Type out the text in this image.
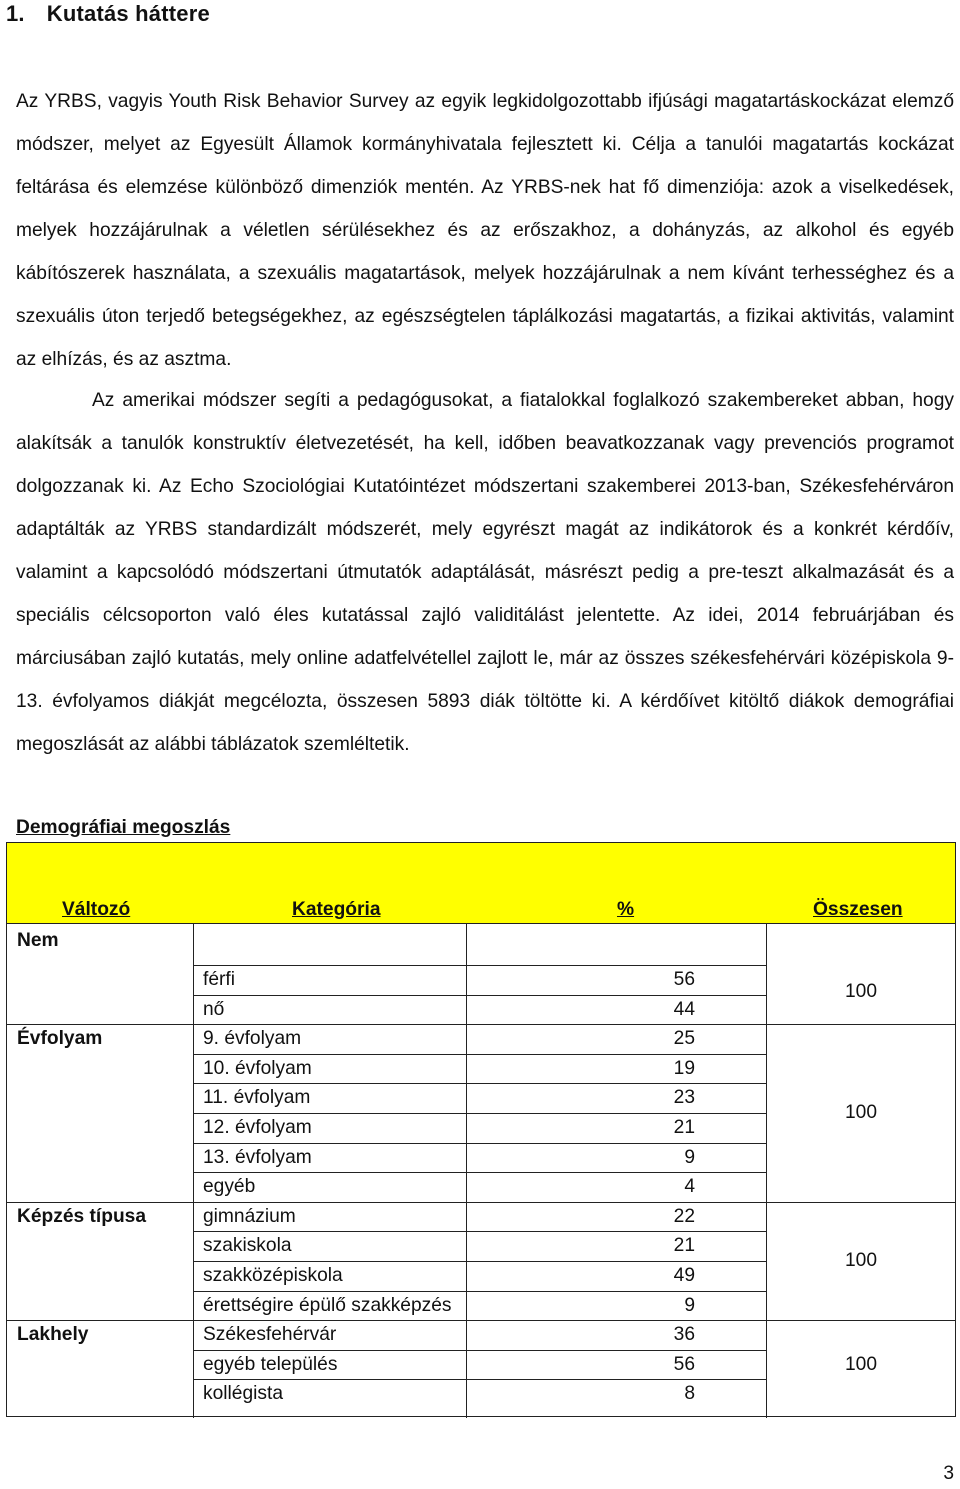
1. Kutatás háttere

Az YRBS, vagyis Youth Risk Behavior Survey az egyik legkidolgozottabb ifjúsági magatartáskockázat elemző módszer, melyet az Egyesült Államok kormányhivatala fejlesztett ki. Célja a tanulói magatartás kockázat feltárása és elemzése különböző dimenziók mentén. Az YRBS-nek hat fő dimenziója: azok a viselkedések, melyek hozzájárulnak a véletlen sérülésekhez és az erőszakhoz, a dohányzás, az alkohol és egyéb kábítószerek használata, a szexuális magatartások, melyek hozzájárulnak a nem kívánt terhességhez és a szexuális úton terjedő betegségekhez, az egészségtelen táplálkozási magatartás, a fizikai aktivitás, valamint az elhízás, és az asztma.

Az amerikai módszer segíti a pedagógusokat, a fiatalokkal foglalkozó szakembereket abban, hogy alakítsák a tanulók konstruktív életvezetését, ha kell, időben beavatkozzanak vagy prevenciós programot dolgozzanak ki. Az Echo Szociológiai Kutatóintézet módszertani szakemberei 2013-ban, Székesfehérváron adaptálták az YRBS standardizált módszerét, mely egyrészt magát az indikátorok és a konkrét kérdőív, valamint a kapcsolódó módszertani útmutatók adaptálását, másrészt pedig a pre-teszt alkalmazását és a speciális célcsoporton való éles kutatással zajló validitálást jelentette. Az idei, 2014 februárjában és márciusában zajló kutatás, mely online adatfelvétellel zajlott le, már az összes székesfehérvári középiskola 9-13. évfolyamos diákját megcélozta, összesen 5893 diák töltötte ki. A kérdőívet kitöltő diákok demográfiai megoszlását az alábbi táblázatok szemléltetik.

Demográfiai megoszlás
Változó	Kategória	%	Összesen
Nem
férfi	56
nő	44
100
Évfolyam	9. évfolyam	25
10. évfolyam	19
11. évfolyam	23
12. évfolyam	21
13. évfolyam	9
egyéb	4
100
Képzés típusa	gimnázium	22
szakiskola	21
szakközépiskola	49
érettségire épülő szakképzés	9
100
Lakhely	Székesfehérvár	36
egyéb település	56
kollégista	8
100
3
